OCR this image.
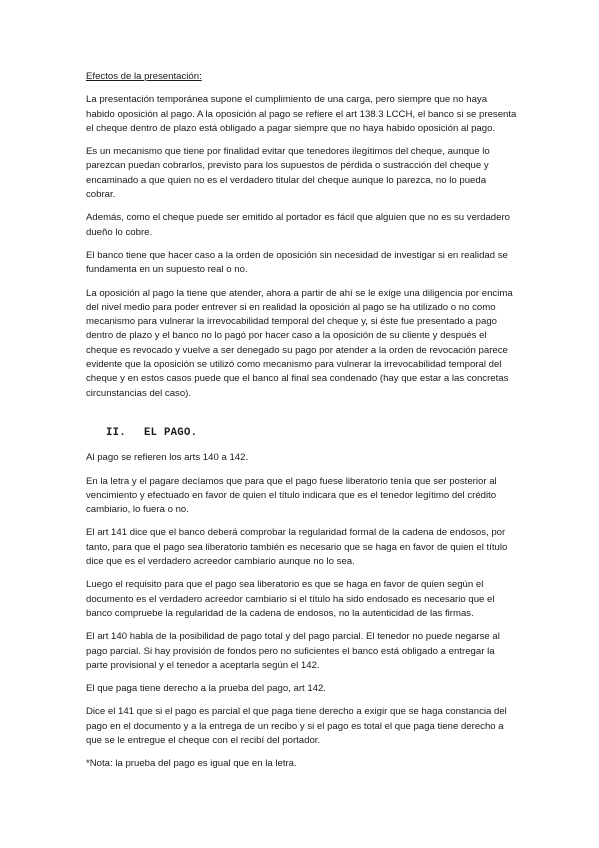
Efectos de la presentación:

La presentación temporánea supone el cumplimiento de una carga, pero siempre que no haya habido oposición al pago. A la oposición al pago se refiere el art 138.3 LCCH, el banco si se presenta el cheque dentro de plazo está obligado a pagar siempre que no haya habido oposición al pago.

Es un mecanismo que tiene por finalidad evitar que tenedores ilegítimos del cheque, aunque lo parezcan puedan cobrarlos, previsto para los supuestos de pérdida o sustracción del cheque y encaminado a que quien no es el verdadero titular del cheque aunque lo parezca, no lo pueda cobrar.

Además, como el cheque puede ser emitido al portador es fácil que alguien que no es su verdadero dueño lo cobre.

El banco tiene que hacer caso a la orden de oposición sin necesidad de investigar si en realidad se fundamenta en un supuesto real o no.

La oposición al pago la tiene que atender, ahora a partir de ahí se le exige una diligencia por encima del nivel medio para poder entrever si en realidad la oposición al pago se ha utilizado o no como mecanismo para vulnerar la irrevocabilidad temporal del cheque y, si éste fue presentado a pago dentro de plazo y el banco no lo pagó por hacer caso a la oposición de su cliente y después el cheque es revocado y vuelve a ser denegado su pago por atender a la orden de revocación parece evidente que la oposición se utilizó como mecanismo para vulnerar la irrevocabilidad temporal del cheque y en estos casos puede que el banco al final sea condenado (hay que estar a las concretas circunstancias del caso).

II. EL PAGO.

Al pago se refieren los arts 140 a 142.

En la letra y el pagare decíamos que para que el pago fuese liberatorio tenía que ser posterior al vencimiento y efectuado en favor de quien el título indicara que es el tenedor legítimo del crédito cambiario, lo fuera o no.

El art 141 dice que el banco deberá comprobar la regularidad formal de la cadena de endosos, por tanto, para que el pago sea liberatorio también es necesario que se haga en favor de quien el título dice que es el verdadero acreedor cambiario aunque no lo sea.

Luego el requisito para que el pago sea liberatorio es que se haga en favor de quien según el documento es el verdadero acreedor cambiario si el título ha sido endosado es necesario que el banco compruebe la regularidad de la cadena de endosos, no la autenticidad de las firmas.

El art 140 habla de la posibilidad de pago total y del pago parcial. El tenedor no puede negarse al pago parcial. Si hay provisión de fondos pero no suficientes el banco está obligado a entregar la parte provisional y el tenedor a aceptarla según el 142.

El que paga tiene derecho a la prueba del pago, art 142.

Dice el 141 que si el pago es parcial el que paga tiene derecho a exigir que se haga constancia del pago en el documento y a la entrega de un recibo y si el pago es total el que paga tiene derecho a que se le entregue el cheque con el recibí del portador.

*Nota: la prueba del pago es igual que en la letra.
